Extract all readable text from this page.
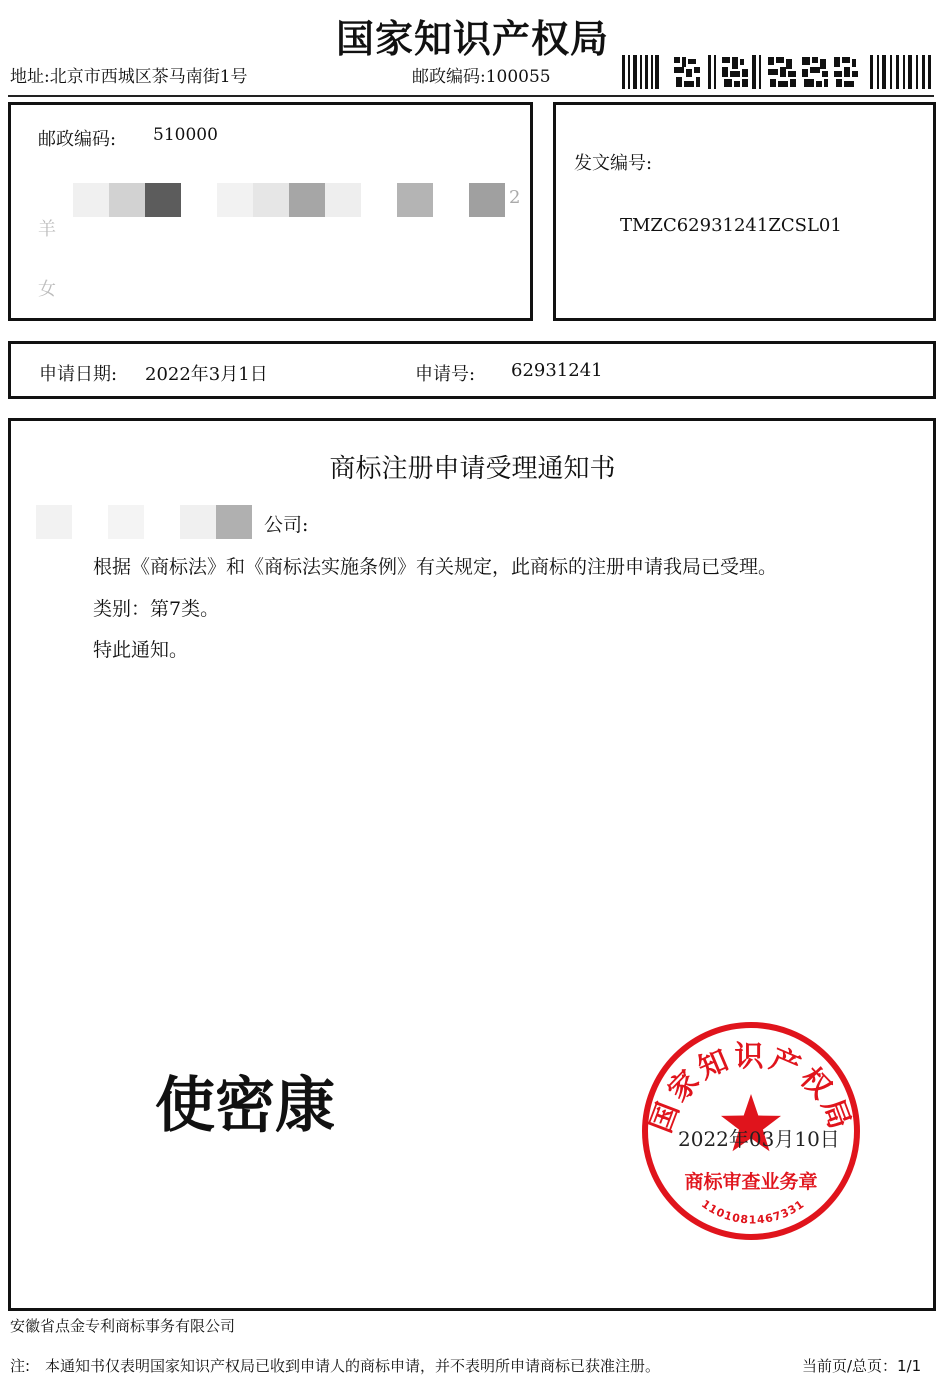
国家知识产权局
地址:北京市西城区茶马南街1号	邮政编码:100055
邮政编码: 510000
2
羊
女
发文编号:
TMZC62931241ZCSL01
申请日期: 2022年3月1日	申请号: 62931241
商标注册申请受理通知书
公司:
根据《商标法》和《商标法实施条例》有关规定，此商标的注册申请我局已受理。
类别：第7类。
特此通知。
使密康	国家知识产权局
商标审查业务章
1101081467331
2022年03月10日
安徽省点金专利商标事务有限公司
注:　本通知书仅表明国家知识产权局已收到申请人的商标申请，并不表明所申请商标已获准注册。	当前页/总页：1/1
